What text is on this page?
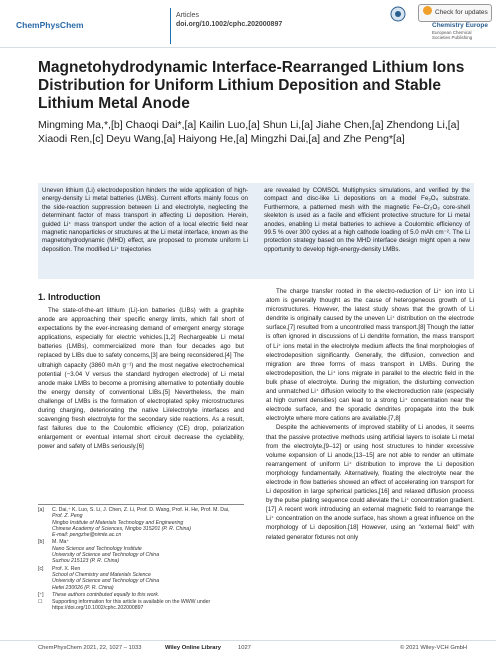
ChemPhysChem
Articles
doi.org/10.1002/cphc.202000897
Check for updates
Chemistry Europe
European Chemical Societies Publishing
Magnetohydrodynamic Interface-Rearranged Lithium Ions Distribution for Uniform Lithium Deposition and Stable Lithium Metal Anode
Mingming Ma,*,[b] Chaoqi Dai*,[a] Kailin Luo,[a] Shun Li,[a] Jiahe Chen,[a] Zhendong Li,[a] Xiaodi Ren,[c] Deyu Wang,[a] Haiyong He,[a] Mingzhi Dai,[a] and Zhe Peng*[a]
Uneven lithium (Li) electrodeposition hinders the wide application of high-energy-density Li metal batteries (LMBs). Current efforts mainly focus on the side-reaction suppression between Li and electrolyte, neglecting the determinant factor of mass transport in affecting Li deposition. Herein, guided Li⁺ mass transport under the action of a local electric field near magnetic nanoparticles or structures at the Li metal interface, known as the magnetohydrodynamic (MHD) effect, are proposed to promote uniform Li deposition. The modified Li⁺ trajectories
are revealed by COMSOL Multiphysics simulations, and verified by the compact and disc-like Li depositions on a model Fe₃O₄ substrate. Furthermore, a patterned mesh with the magnetic Fe–Cr₂O₃ core-shell skeleton is used as a facile and efficient protective structure for Li metal anodes, enabling Li metal batteries to achieve a Coulombic efficiency of 99.5 % over 300 cycles at a high cathode loading of 5.0 mAh cm⁻². The Li protection strategy based on the MHD interface design might open a new opportunity to develop high-energy-density LMBs.
1. Introduction

The state-of-the-art lithium (Li)-ion batteries (LIBs) with a graphite anode are approaching their specific energy limits, which fall short of expectations by the ever-increasing demand of emergent energy storage applications, especially for electric vehicles.[1,2] Rechargeable Li metal batteries (LMBs), commercialized more than four decades ago but replaced by LIBs due to safety concerns,[3] are being reconsidered.[4] The ultrahigh capacity (3860 mAh g⁻¹) and the most negative electrochemical potential (−3.04 V versus the standard hydrogen electrode) of Li metal anode make LMBs to become a promising alternative to potentially double the energy density of conventional LIBs.[5] Nevertheless, the main challenge of LMBs is the formation of electroplated spiky microstructures during charging, deteriorating the native Li/electrolyte interfaces and scavenging fresh electrolyte for the secondary side reactions. As a result, fast failures due to the Coulombic efficiency (CE) drop, polarization enlargement or eventual internal short circuit decrease the cyclability, power and safety of LMBs seriously.[6]

The charge transfer rooted in the electro-reduction of Li⁺ ion into Li atom is generally thought as the cause of heterogeneous growth of Li microstructures. However, the latest study shows that the growth of Li dendrite is originally caused by the uneven Li⁺ distribution on the electrode surface,[7] resulted from a uncontrolled mass transport.[8] Though the latter is often ignored in discussions of Li dendrite formation, the mass transport of Li⁺ ions metal in the electrolyte medium affects the final morphologies of electrodeposition significantly. Generally, the diffusion, convection and migration are three forms of mass transport in LMBs. During the electrodeposition, the Li⁺ ions migrate in parallel to the electric field in the bulk phase of electrolyte. During the migration, the disturbing convection and unmatched Li⁺ diffusion velocity to the electroreduction rate (especially at high current densities) can lead to a strong Li⁺ concentration near the electrode surface, and the sporadic dendrites propagate into the bulk electrolyte where more cations are available.[7,8]

Despite the achievements of improved stability of Li anodes, it seems that the passive protective methods using artificial layers to isolate Li metal from the electrolyte,[9–12] or using host structures to hinder excessive volume expansion of Li anode,[13–15] are not able to render an ultimate rearrangement of uniform Li⁺ distribution to improve the Li deposition morphology fundamentally. Alternatively, floating the electrolyte near the electrode in flow batteries showed an effect of accelerating ion transport for Li deposition in large spherical particles,[16] and relaxed diffusion process by the pulse plating sequence could alleviate the Li⁺ concentration gradient.[17] A recent work introducing an external magnetic field to rearrange the Li⁺ concentration on the anode surface, has shown a great influence on the morphology of Li deposition.[18] However, using an "external field" with related generator fixtures not only

[a]	C. Dai,⁺ K. Luo, S. Li, J. Chen, Z. Li, Prof. D. Wang, Prof. H. He, Prof. M. Dai,
Prof. Z. Peng
Ningbo Institute of Materials Technology and Engineering
Chinese Academy of Sciences, Ningbo 315201 (P. R. China)
E-mail: pengzhe@nimte.ac.cn
[b]	M. Ma⁺
Nano Science and Technology Institute
University of Science and Technology of China
Suzhou 215123 (P. R. China)
[c]	Prof. X. Ren
School of Chemistry and Materials Science
University of Science and Technology of China
Hefei 230026 (P. R. China)
[⁺]	These authors contributed equally to this work.
☐	Supporting information for this article is available on the WWW under
https://doi.org/10.1002/cphc.202000897
ChemPhysChem 2021, 22, 1027 – 1033	Wiley Online Library	1027	© 2021 Wiley-VCH GmbH
